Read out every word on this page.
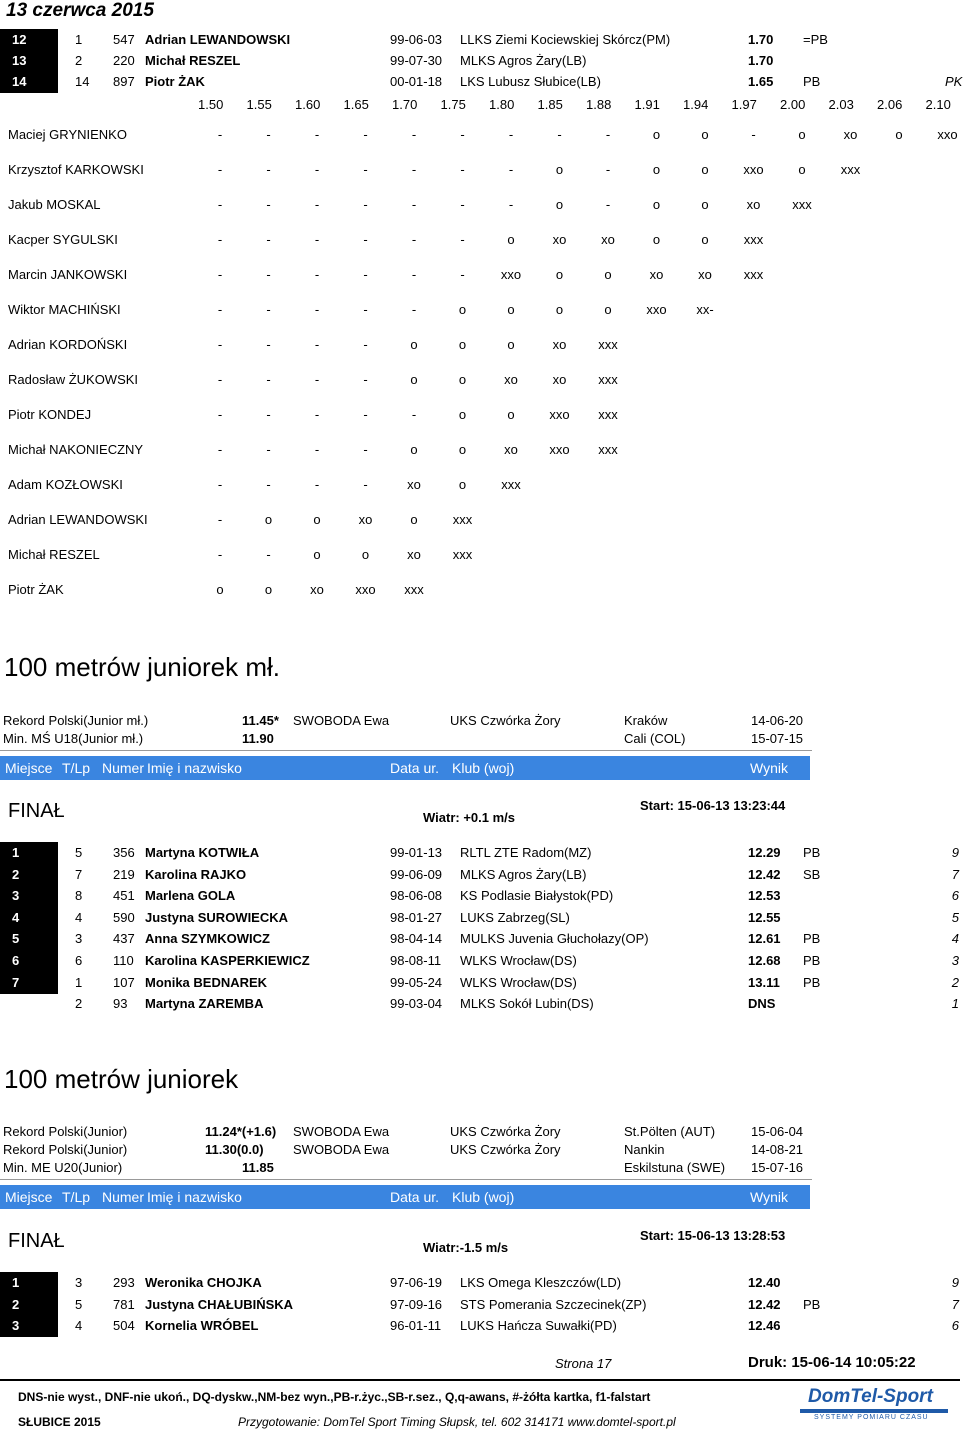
13 czerwca 2015
12	1 547 Adrian LEWANDOWSKI	99-06-03 LLKS Ziemi Kociewskiej Skórcz(PM)	1.70 =PB
13	2 220 Michał RESZEL	99-07-30 MLKS Agros Żary(LB)	1.70
14	14 897 Piotr ŻAK	00-01-18 LKS Lubusz Słubice(LB)	1.65 PB	PK
1.50 1.55 1.60 1.65 1.70 1.75 1.80 1.85 1.88 1.91 1.94 1.97 2.00 2.03 2.06 2.10
Maciej GRYNIENKO	-	-	-	-	-	-	-	-	-	o	o	-	o	xo	o	xxo
Krzysztof KARKOWSKI	-	-	-	-	-	-	-	o	-	o	o	xxo	o	xxx
Jakub MOSKAL	-	-	-	-	-	-	-	o	-	o	o	xo	xxx
Kacper SYGULSKI	-	-	-	-	-	-	o	xo	xo	o	o	xxx
Marcin JANKOWSKI	-	-	-	-	-	-	xxo	o	o	xo	xo	xxx
Wiktor MACHIŃSKI	-	-	-	-	-	o	o	o	o	xxo	xx-
Adrian KORDOŃSKI	-	-	-	-	o	o	o	xo	xxx
Radosław ŻUKOWSKI	-	-	-	-	o	o	xo	xo	xxx
Piotr KONDEJ	-	-	-	-	-	o	o	xxo	xxx
Michał NAKONIECZNY	-	-	-	-	o	o	xo	xxo	xxx
Adam KOZŁOWSKI	-	-	-	-	xo	o	xxx
Adrian LEWANDOWSKI	-	o	o	xo	o	xxx
Michał RESZEL	-	-	o	o	xo	xxx
Piotr ŻAK	o	o	xo	xxo	xxx
100 metrów juniorek mł.
Rekord Polski(Junior mł.)	11.45* SWOBODA Ewa	UKS Czwórka Żory	Kraków	14-06-20
Min. MŚ U18(Junior mł.)	11.90	Cali (COL)	15-07-15
Miejsce T/Lp Numer Imię i nazwisko	Data ur. Klub (woj)	Wynik
FINAŁ	Wiatr: +0.1 m/s
Start: 15-06-13 13:23:44
1	5 356 Martyna KOTWIŁA	99-01-13 RLTL ZTE Radom(MZ)	12.29 PB	9
2	7 219 Karolina RAJKO	99-06-09 MLKS Agros Żary(LB)	12.42 SB	7
3	8 451 Marlena GOLA	98-06-08 KS Podlasie Białystok(PD)	12.53	6
4	4 590 Justyna SUROWIECKA	98-01-27 LUKS Zabrzeg(SL)	12.55	5
5	3 437 Anna SZYMKOWICZ	98-04-14 MULKS Juvenia Głuchołazy(OP)	12.61 PB	4
6	6 110 Karolina KASPERKIEWICZ	98-08-11 WLKS Wrocław(DS)	12.68 PB	3
7	1 107 Monika BEDNAREK	99-05-24 WLKS Wrocław(DS)	13.11 PB	2
2 93 Martyna ZAREMBA	99-03-04 MLKS Sokół Lubin(DS)	DNS	1
100 metrów juniorek
Rekord Polski(Junior)	11.24*(+1.6) SWOBODA Ewa	UKS Czwórka Żory	St.Pölten (AUT)	15-06-04
Rekord Polski(Junior)	11.30(0.0) SWOBODA Ewa	UKS Czwórka Żory	Nankin	14-08-21
Min. ME U20(Junior)	11.85	Eskilstuna (SWE) 15-07-16
Miejsce T/Lp Numer Imię i nazwisko	Data ur. Klub (woj)	Wynik
FINAŁ	Wiatr:-1.5 m/s
Start: 15-06-13 13:28:53
1	3 293 Weronika CHOJKA	97-06-19 LKS Omega Kleszczów(LD)	12.40	9
2	5 781 Justyna CHAŁUBIŃSKA	97-09-16 STS Pomerania Szczecinek(ZP)	12.42 PB	7
3	4 504 Kornelia WRÓBEL	96-01-11 LUKS Hańcza Suwałki(PD)	12.46	6
Strona 17	Druk: 15-06-14 10:05:22
DNS-nie wyst., DNF-nie ukoń., DQ-dyskw.,NM-bez wyn.,PB-r.życ.,SB-r.sez., Q,q-awans, #-żółta kartka, f1-falstart
SŁUBICE 2015	Przygotowanie: DomTel Sport Timing Słupsk, tel. 602 314171 www.domtel-sport.pl
DomTel-Sport
SYSTEMY POMIARU CZASU
